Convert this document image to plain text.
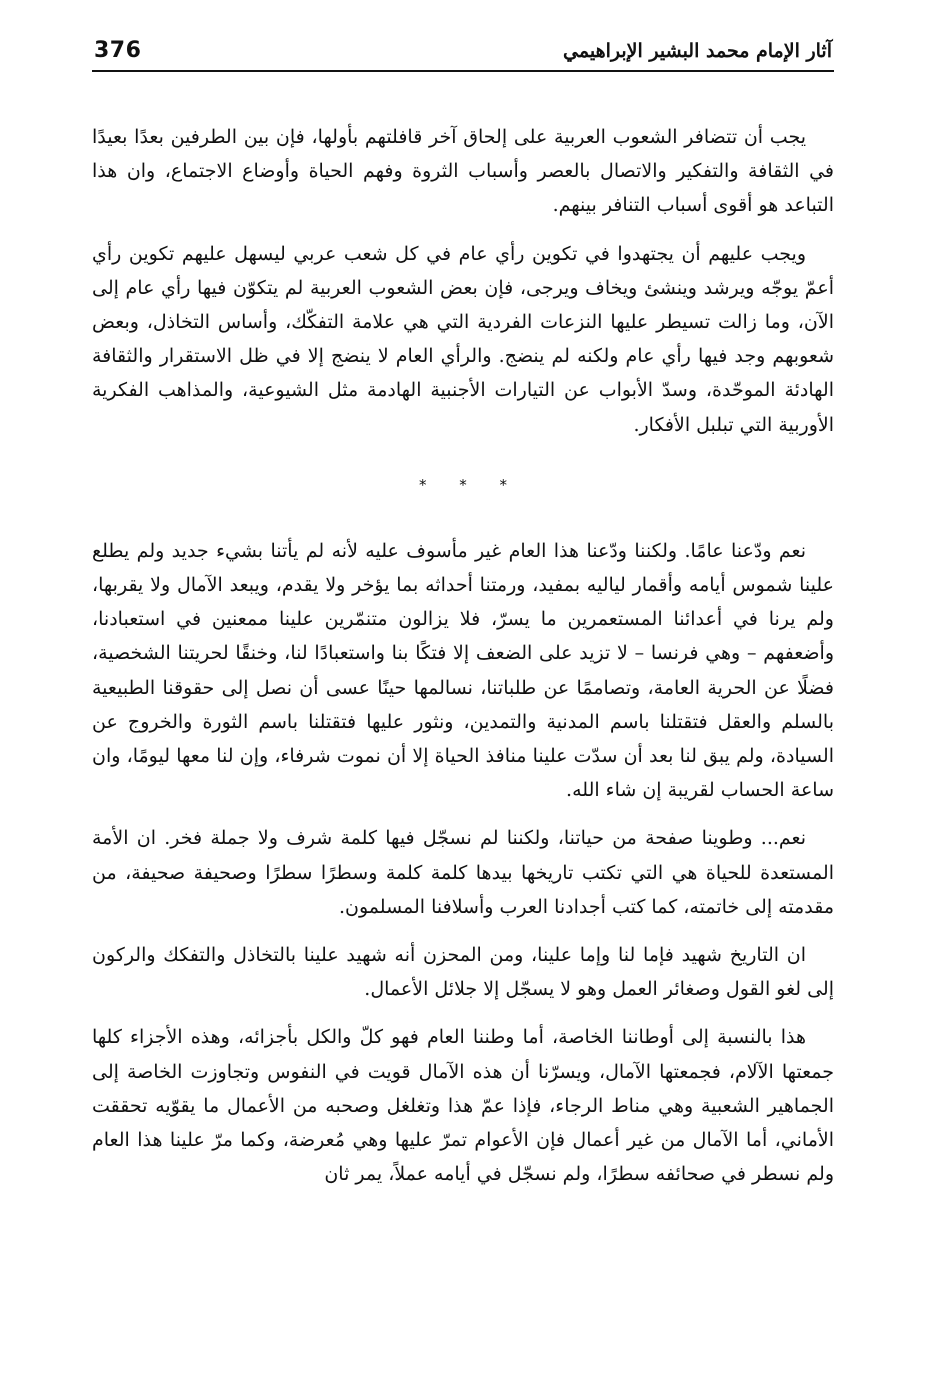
376	آثار الإمام محمد البشير الإبراهيمي

يجب أن تتضافر الشعوب العربية على إلحاق آخر قافلتهم بأولها، فإن بين الطرفين بعدًا بعيدًا في الثقافة والتفكير والاتصال بالعصر وأسباب الثروة وفهم الحياة وأوضاع الاجتماع، وان هذا التباعد هو أقوى أسباب التنافر بينهم.

ويجب عليهم أن يجتهدوا في تكوين رأي عام في كل شعب عربي ليسهل عليهم تكوين رأي أعمّ يوجّه ويرشد وينشئ ويخاف ويرجى، فإن بعض الشعوب العربية لم يتكوّن فيها رأي عام إلى الآن، وما زالت تسيطر عليها النزعات الفردية التي هي علامة التفكّك، وأساس التخاذل، وبعض شعوبهم وجد فيها رأي عام ولكنه لم ينضج. والرأي العام لا ينضج إلا في ظل الاستقرار والثقافة الهادئة الموحّدة، وسدّ الأبواب عن التيارات الأجنبية الهادمة مثل الشيوعية، والمذاهب الفكرية الأوربية التي تبلبل الأفكار.

* * *

نعم ودّعنا عامًا. ولكننا ودّعنا هذا العام غير مأسوف عليه لأنه لم يأتنا بشيء جديد ولم يطلع علينا شموس أيامه وأقمار لياليه بمفيد، ورمتنا أحداثه بما يؤخر ولا يقدم، ويبعد الآمال ولا يقربها، ولم يرنا في أعدائنا المستعمرين ما يسرّ، فلا يزالون متنمّرين علينا ممعنين في استعبادنا، وأضعفهم – وهي فرنسا – لا تزيد على الضعف إلا فتكًا بنا واستعبادًا لنا، وخنقًا لحريتنا الشخصية، فضلًا عن الحرية العامة، وتصاممًا عن طلباتنا، نسالمها حينًا عسى أن نصل إلى حقوقنا الطبيعية بالسلم والعقل فتقتلنا باسم المدنية والتمدين، ونثور عليها فتقتلنا باسم الثورة والخروج عن السيادة، ولم يبق لنا بعد أن سدّت علينا منافذ الحياة إلا أن نموت شرفاء، وإن لنا معها ليومًا، وان ساعة الحساب لقريبة إن شاء الله.

نعم... وطوينا صفحة من حياتنا، ولكننا لم نسجّل فيها كلمة شرف ولا جملة فخر. ان الأمة المستعدة للحياة هي التي تكتب تاريخها بيدها كلمة كلمة وسطرًا سطرًا وصحيفة صحيفة، من مقدمته إلى خاتمته، كما كتب أجدادنا العرب وأسلافنا المسلمون.

ان التاريخ شهيد فإما لنا وإما علينا، ومن المحزن أنه شهيد علينا بالتخاذل والتفكك والركون إلى لغو القول وصغائر العمل وهو لا يسجّل إلا جلائل الأعمال.

هذا بالنسبة إلى أوطاننا الخاصة، أما وطننا العام فهو كلّ والكل بأجزائه، وهذه الأجزاء كلها جمعتها الآلام، فجمعتها الآمال، ويسرّنا أن هذه الآمال قويت في النفوس وتجاوزت الخاصة إلى الجماهير الشعبية وهي مناط الرجاء، فإذا عمّ هذا وتغلغل وصحبه من الأعمال ما يقوّيه تحققت الأماني، أما الآمال من غير أعمال فإن الأعوام تمرّ عليها وهي مُعرضة، وكما مرّ علينا هذا العام ولم نسطر في صحائفه سطرًا، ولم نسجّل في أيامه عملاً، يمر ثان
